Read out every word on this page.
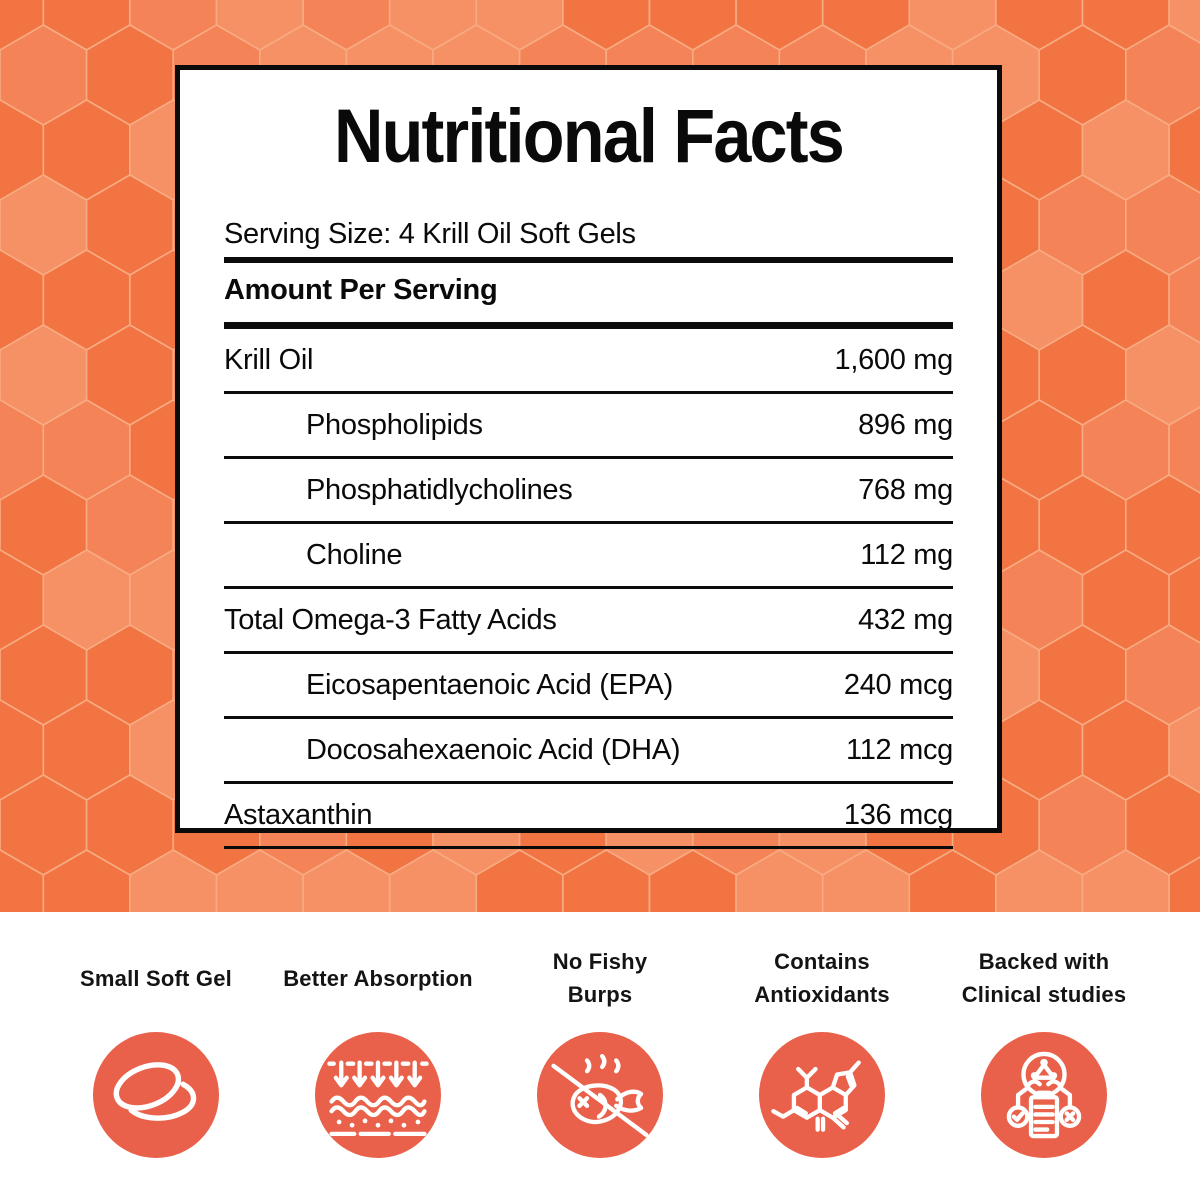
Nutritional Facts
Serving Size: 4 Krill Oil Soft Gels
Amount Per Serving
Krill Oil	1,600 mg
Phospholipids	896 mg
Phosphatidlycholines	768 mg
Choline	112 mg
Total Omega-3 Fatty Acids	432 mg
Eicosapentaenoic Acid (EPA)	240 mcg
Docosahexaenoic Acid (DHA)	112 mcg
Astaxanthin	136 mcg
Small Soft Gel Better Absorption
No Fishy
Burps
Contains
Antioxidants
Backed with
Clinical studies
